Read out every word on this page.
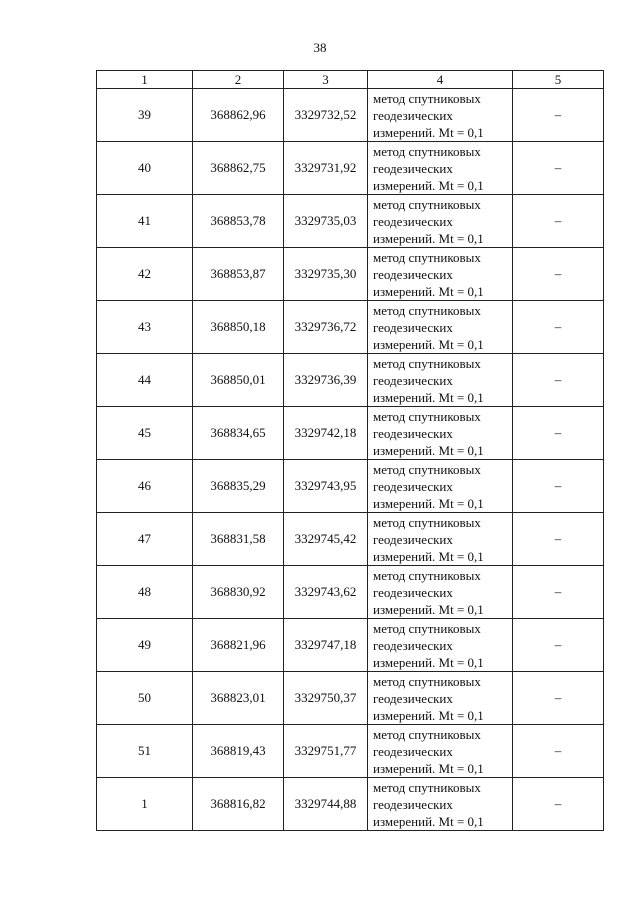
38
1	2	3	4	5
39	368862,96	3329732,52	метод спутниковых
геодезических
измерений. Mt = 0,1	–
40	368862,75	3329731,92	метод спутниковых
геодезических
измерений. Mt = 0,1	–
41	368853,78	3329735,03	метод спутниковых
геодезических
измерений. Mt = 0,1	–
42	368853,87	3329735,30	метод спутниковых
геодезических
измерений. Mt = 0,1	–
43	368850,18	3329736,72	метод спутниковых
геодезических
измерений. Mt = 0,1	–
44	368850,01	3329736,39	метод спутниковых
геодезических
измерений. Mt = 0,1	–
45	368834,65	3329742,18	метод спутниковых
геодезических
измерений. Mt = 0,1	–
46	368835,29	3329743,95	метод спутниковых
геодезических
измерений. Mt = 0,1	–
47	368831,58	3329745,42	метод спутниковых
геодезических
измерений. Mt = 0,1	–
48	368830,92	3329743,62	метод спутниковых
геодезических
измерений. Mt = 0,1	–
49	368821,96	3329747,18	метод спутниковых
геодезических
измерений. Mt = 0,1	–
50	368823,01	3329750,37	метод спутниковых
геодезических
измерений. Mt = 0,1	–
51	368819,43	3329751,77	метод спутниковых
геодезических
измерений. Mt = 0,1	–
1	368816,82	3329744,88	метод спутниковых
геодезических
измерений. Mt = 0,1	–
